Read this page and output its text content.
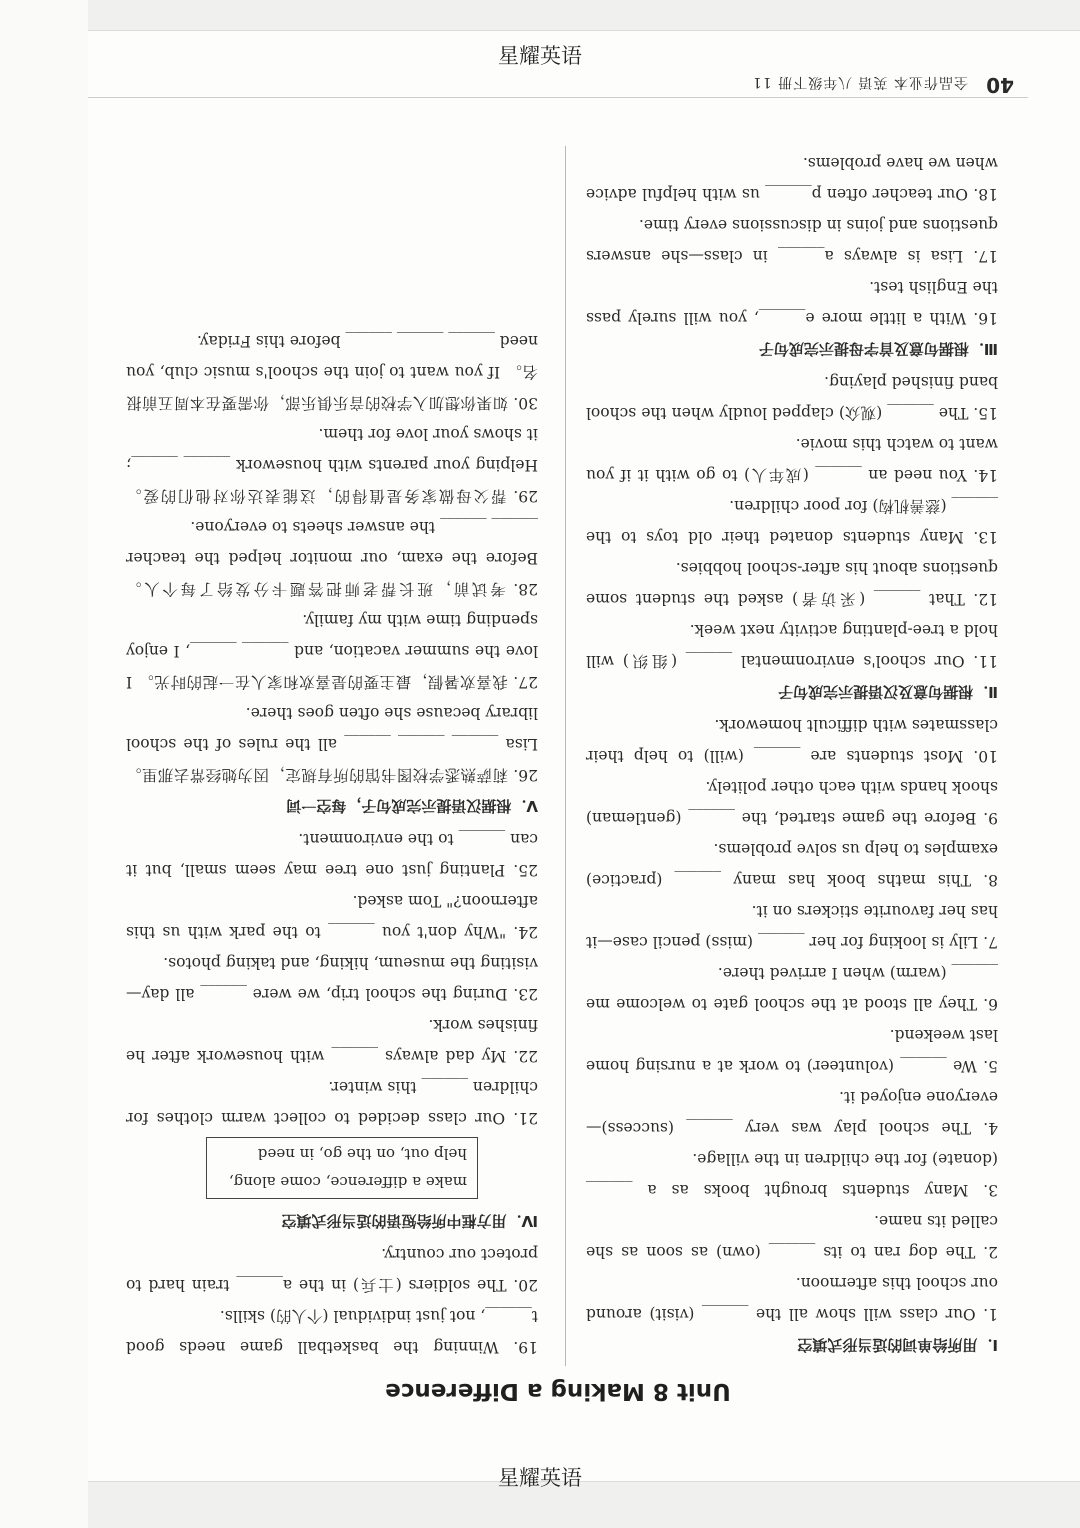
星耀英语
星耀英语
Unit 8 Making a Difference

Ⅰ．用所给单词的适当形式填空

1. Our class will show all the ______ (visit) around our school this afternoon.

2. The dog ran to its ______ (own) as soon as she called its name.

3. Many students brought books as a ______ (donate) for the children in the village.

4. The school play was very ______ (success)—everyone enjoyed it.

5. We ______ (volunteer) to work at a nursing home last weekend.

6. They all stood at the school gate to welcome me ______ (warm) when I arrived there.

7. Lily is looking for her ______ (miss) pencil case—it has her favourite stickers on it.

8. This maths book has many ______ (practice) examples to help us solve problems.

9. Before the game started, the ______ (gentleman) shook hands with each other politely.

10. Most students are ______ (will) to help their classmates with difficult homework.

Ⅱ．根据句意及汉语提示完成句子

11. Our school's environmental ______ (组织) will hold a tree-planting activity next week.

12. That ______ (采访者) asked the student some questions about his after-school hobbies.

13. Many students donated their old toys to the ______ (慈善机构) for poor children.

14. You need an ______ (成年人) to go with it if you want to watch this movie.

15. The ______ (观众) clapped loudly when the school band finished playing.

Ⅲ．根据句意及首字母提示完成句子

16. With a little more e______, you will surely pass the English test.

17. Lisa is always a______ in class—she answers questions and joins in discussions every time.

18. Our teacher often p______ us with helpful advice when we have problems.

19. Winning the basketball game needs good t______, not just individual (个人的) skills.

20. The soldiers (士兵) in the a______ train hard to protect our country.

Ⅳ．用方框中所给短语的适当形式填空

make a difference, come along,
help out, on the go, in need

21. Our class decided to collect warm clothes for children ______ this winter.

22. My dad always ______ with housework after he finishes work.

23. During the school trip, we were ______ all day—visiting the museum, hiking, and taking photos.

24. "Why don't you ______ to the park with us this afternoon?" Tom asked.

25. Planting just one tree may seem small, but it can ______ to the environment.

Ⅴ．根据汉语提示完成句子，每空一词

26. 莉萨熟悉学校图书馆的所有规定，因为她经常去那里。 Lisa ______ ______ ______ all the rules of the school library because she often goes there.

27. 我喜欢暑假，最主要的是喜欢和家人在一起的时光。 I love the summer vacation, and ______ ______, I enjoy spending time with my family.

28. 考试前，班长帮老师把答题卡分发给了每个人。 Before the exam, our monitor helped the teacher ______ ______ the answer sheets to everyone.

29. 帮父母做家务是值得的，这能表达你对他们的爱。 Helping your parents with housework ______ ______; it shows your love for them.

30. 如果你想加入学校的音乐俱乐部，你需要在本周五前报名。 If you want to join the school's music club, you need ______ ______ ______ before this Friday.

40
全品作业本 英语 八年级下册 11
